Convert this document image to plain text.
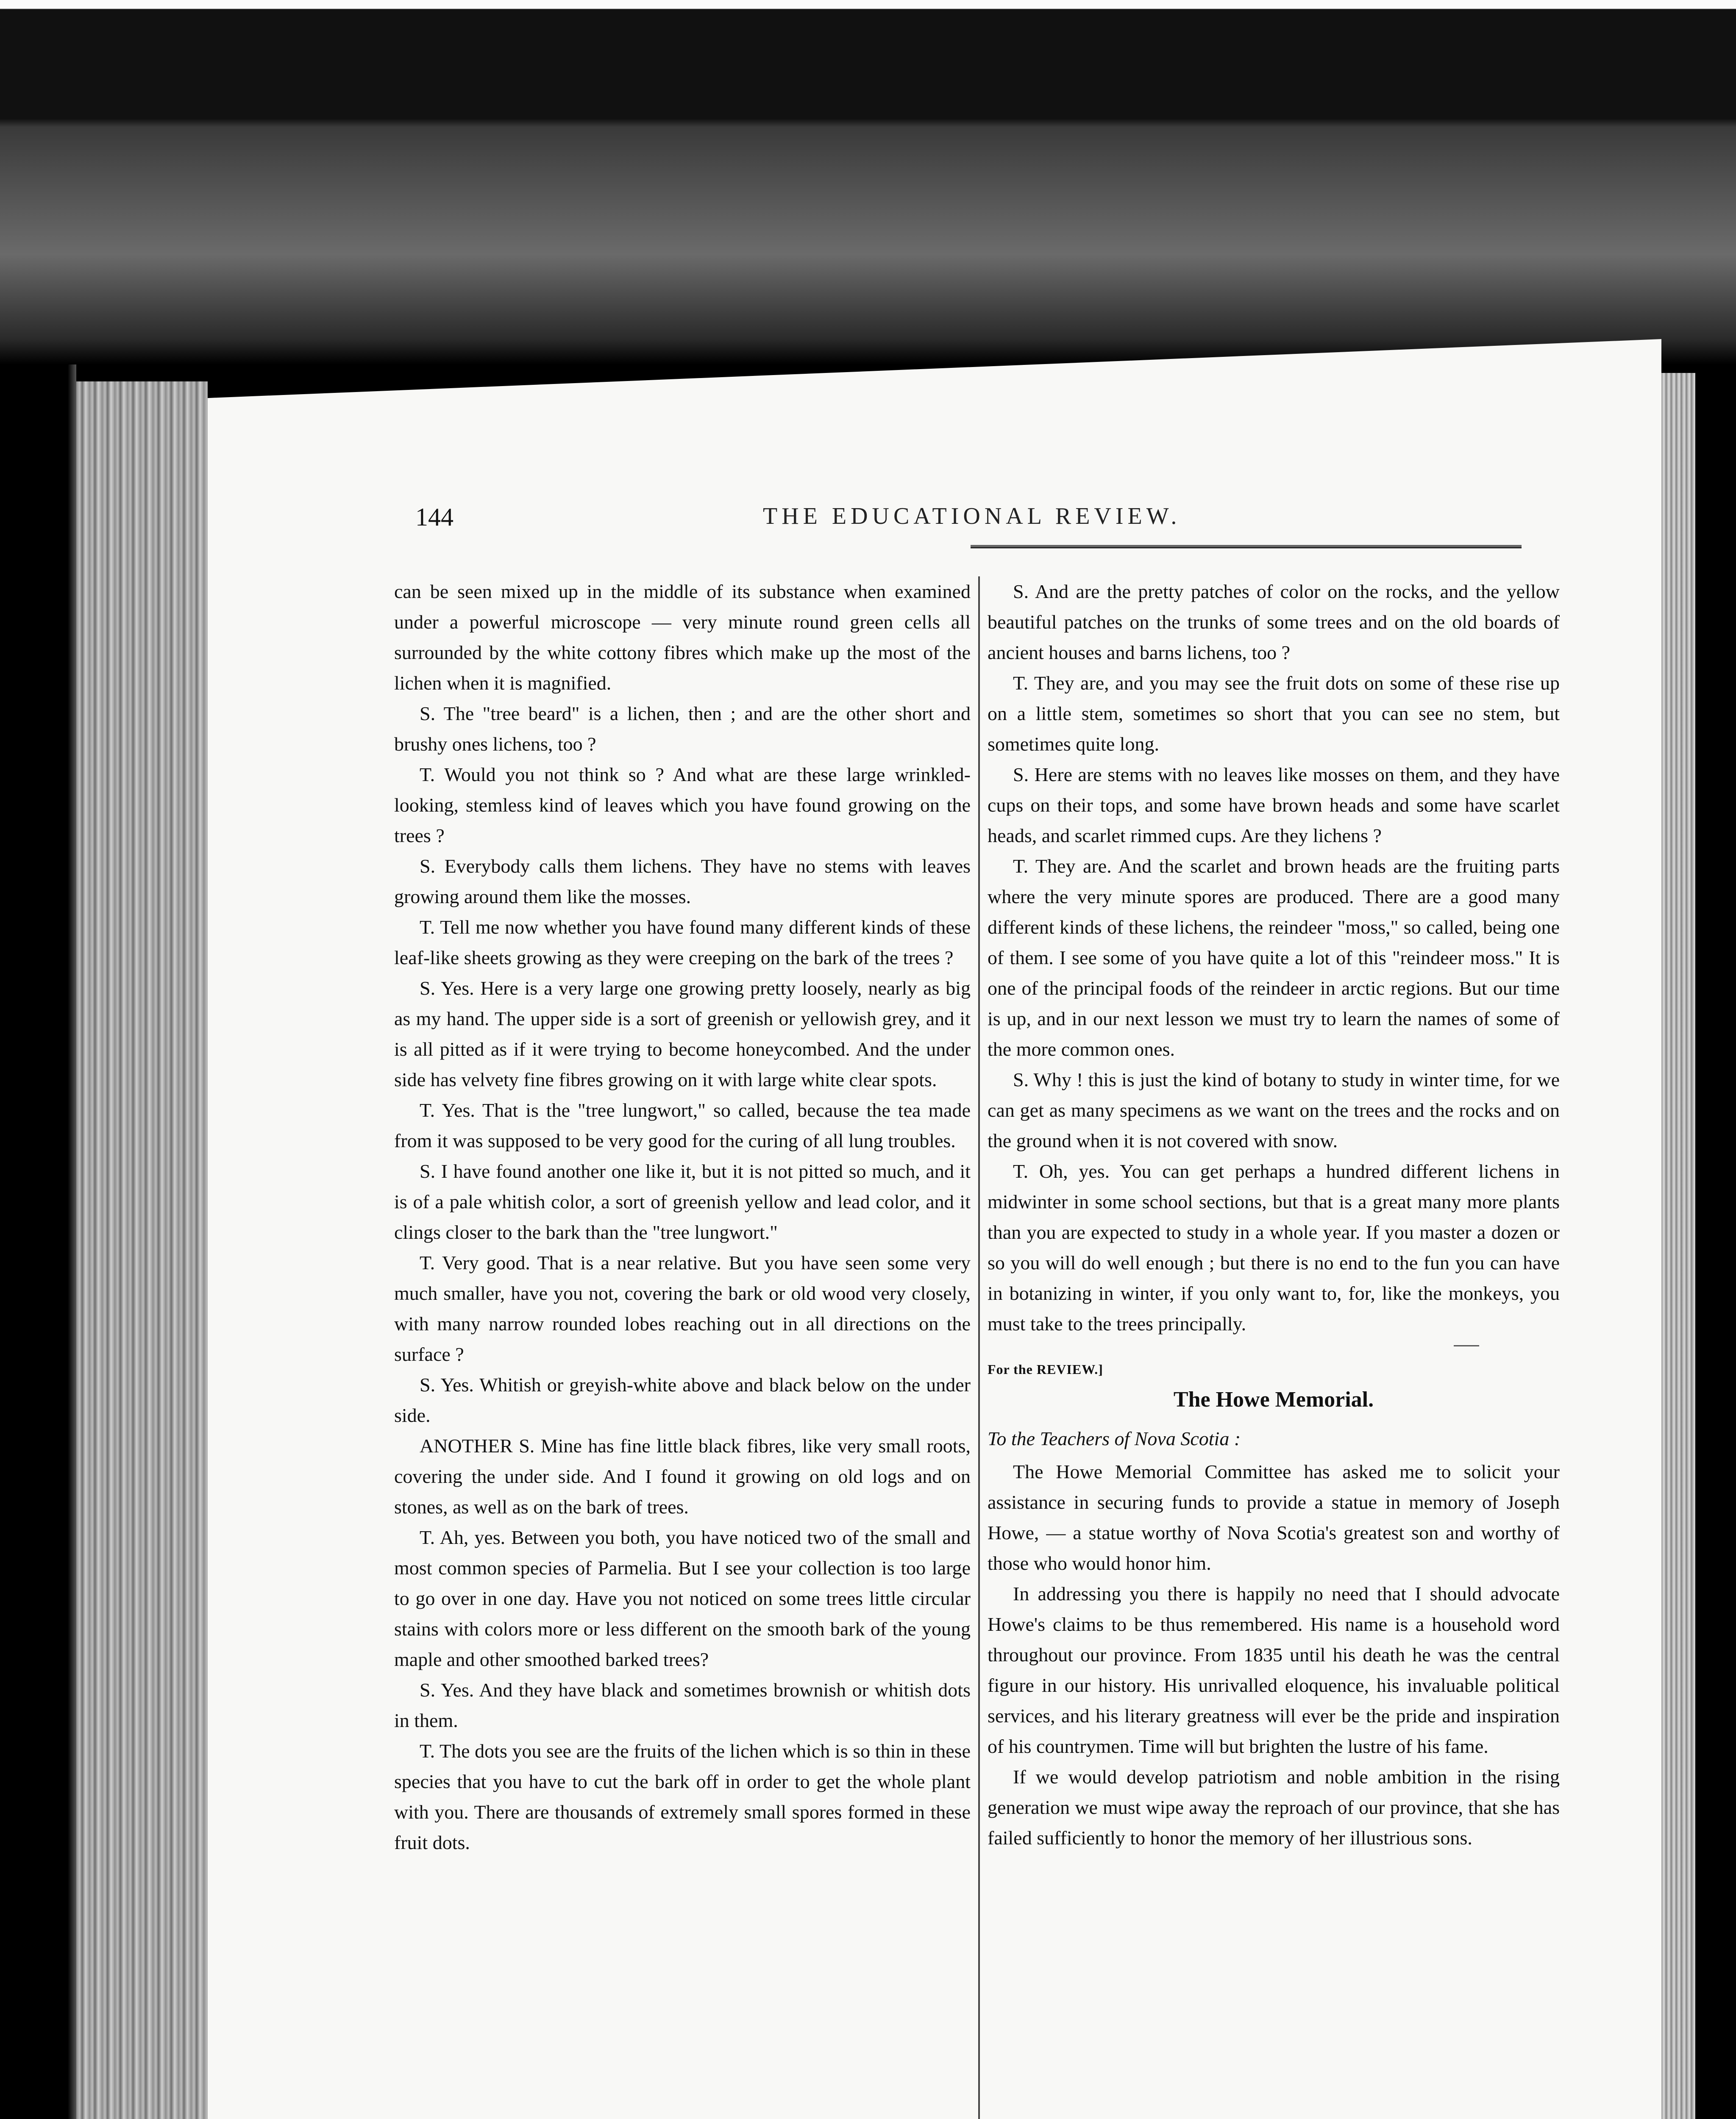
144	THE EDUCATIONAL REVIEW.

can be seen mixed up in the middle of its substance when examined under a powerful microscope — very minute round green cells all surrounded by the white cottony fibres which make up the most of the lichen when it is magnified.

S. The "tree beard" is a lichen, then ; and are the other short and brushy ones lichens, too ?

T. Would you not think so ? And what are these large wrinkled-looking, stemless kind of leaves which you have found growing on the trees ?

S. Everybody calls them lichens. They have no stems with leaves growing around them like the mosses.

T. Tell me now whether you have found many different kinds of these leaf-like sheets growing as they were creeping on the bark of the trees ?

S. Yes. Here is a very large one growing pretty loosely, nearly as big as my hand. The upper side is a sort of greenish or yellowish grey, and it is all pitted as if it were trying to become honeycombed. And the under side has velvety fine fibres growing on it with large white clear spots.

T. Yes. That is the "tree lungwort," so called, because the tea made from it was supposed to be very good for the curing of all lung troubles.

S. I have found another one like it, but it is not pitted so much, and it is of a pale whitish color, a sort of greenish yellow and lead color, and it clings closer to the bark than the "tree lungwort."

T. Very good. That is a near relative. But you have seen some very much smaller, have you not, covering the bark or old wood very closely, with many narrow rounded lobes reaching out in all directions on the surface ?

S. Yes. Whitish or greyish-white above and black below on the under side.

ANOTHER S. Mine has fine little black fibres, like very small roots, covering the under side. And I found it growing on old logs and on stones, as well as on the bark of trees.

T. Ah, yes. Between you both, you have noticed two of the small and most common species of Parmelia. But I see your collection is too large to go over in one day. Have you not noticed on some trees little circular stains with colors more or less different on the smooth bark of the young maple and other smoothed barked trees?

S. Yes. And they have black and sometimes brownish or whitish dots in them.

T. The dots you see are the fruits of the lichen which is so thin in these species that you have to cut the bark off in order to get the whole plant with you. There are thousands of extremely small spores formed in these fruit dots.

S. And are the pretty patches of color on the rocks, and the yellow beautiful patches on the trunks of some trees and on the old boards of ancient houses and barns lichens, too ?

T. They are, and you may see the fruit dots on some of these rise up on a little stem, sometimes so short that you can see no stem, but sometimes quite long.

S. Here are stems with no leaves like mosses on them, and they have cups on their tops, and some have brown heads and some have scarlet heads, and scarlet rimmed cups. Are they lichens ?

T. They are. And the scarlet and brown heads are the fruiting parts where the very minute spores are produced. There are a good many different kinds of these lichens, the reindeer "moss," so called, being one of them. I see some of you have quite a lot of this "reindeer moss." It is one of the principal foods of the reindeer in arctic regions. But our time is up, and in our next lesson we must try to learn the names of some of the more common ones.

S. Why ! this is just the kind of botany to study in winter time, for we can get as many specimens as we want on the trees and the rocks and on the ground when it is not covered with snow.

T. Oh, yes. You can get perhaps a hundred different lichens in midwinter in some school sections, but that is a great many more plants than you are expected to study in a whole year. If you master a dozen or so you will do well enough ; but there is no end to the fun you can have in botanizing in winter, if you only want to, for, like the monkeys, you must take to the trees principally.

For the REVIEW.]
The Howe Memorial.

To the Teachers of Nova Scotia :

The Howe Memorial Committee has asked me to solicit your assistance in securing funds to provide a statue in memory of Joseph Howe, — a statue worthy of Nova Scotia's greatest son and worthy of those who would honor him.

In addressing you there is happily no need that I should advocate Howe's claims to be thus remembered. His name is a household word throughout our province. From 1835 until his death he was the central figure in our history. His unrivalled eloquence, his invaluable political services, and his literary greatness will ever be the pride and inspiration of his countrymen. Time will but brighten the lustre of his fame.

If we would develop patriotism and noble ambition in the rising generation we must wipe away the reproach of our province, that she has failed sufficiently to honor the memory of her illustrious sons.
